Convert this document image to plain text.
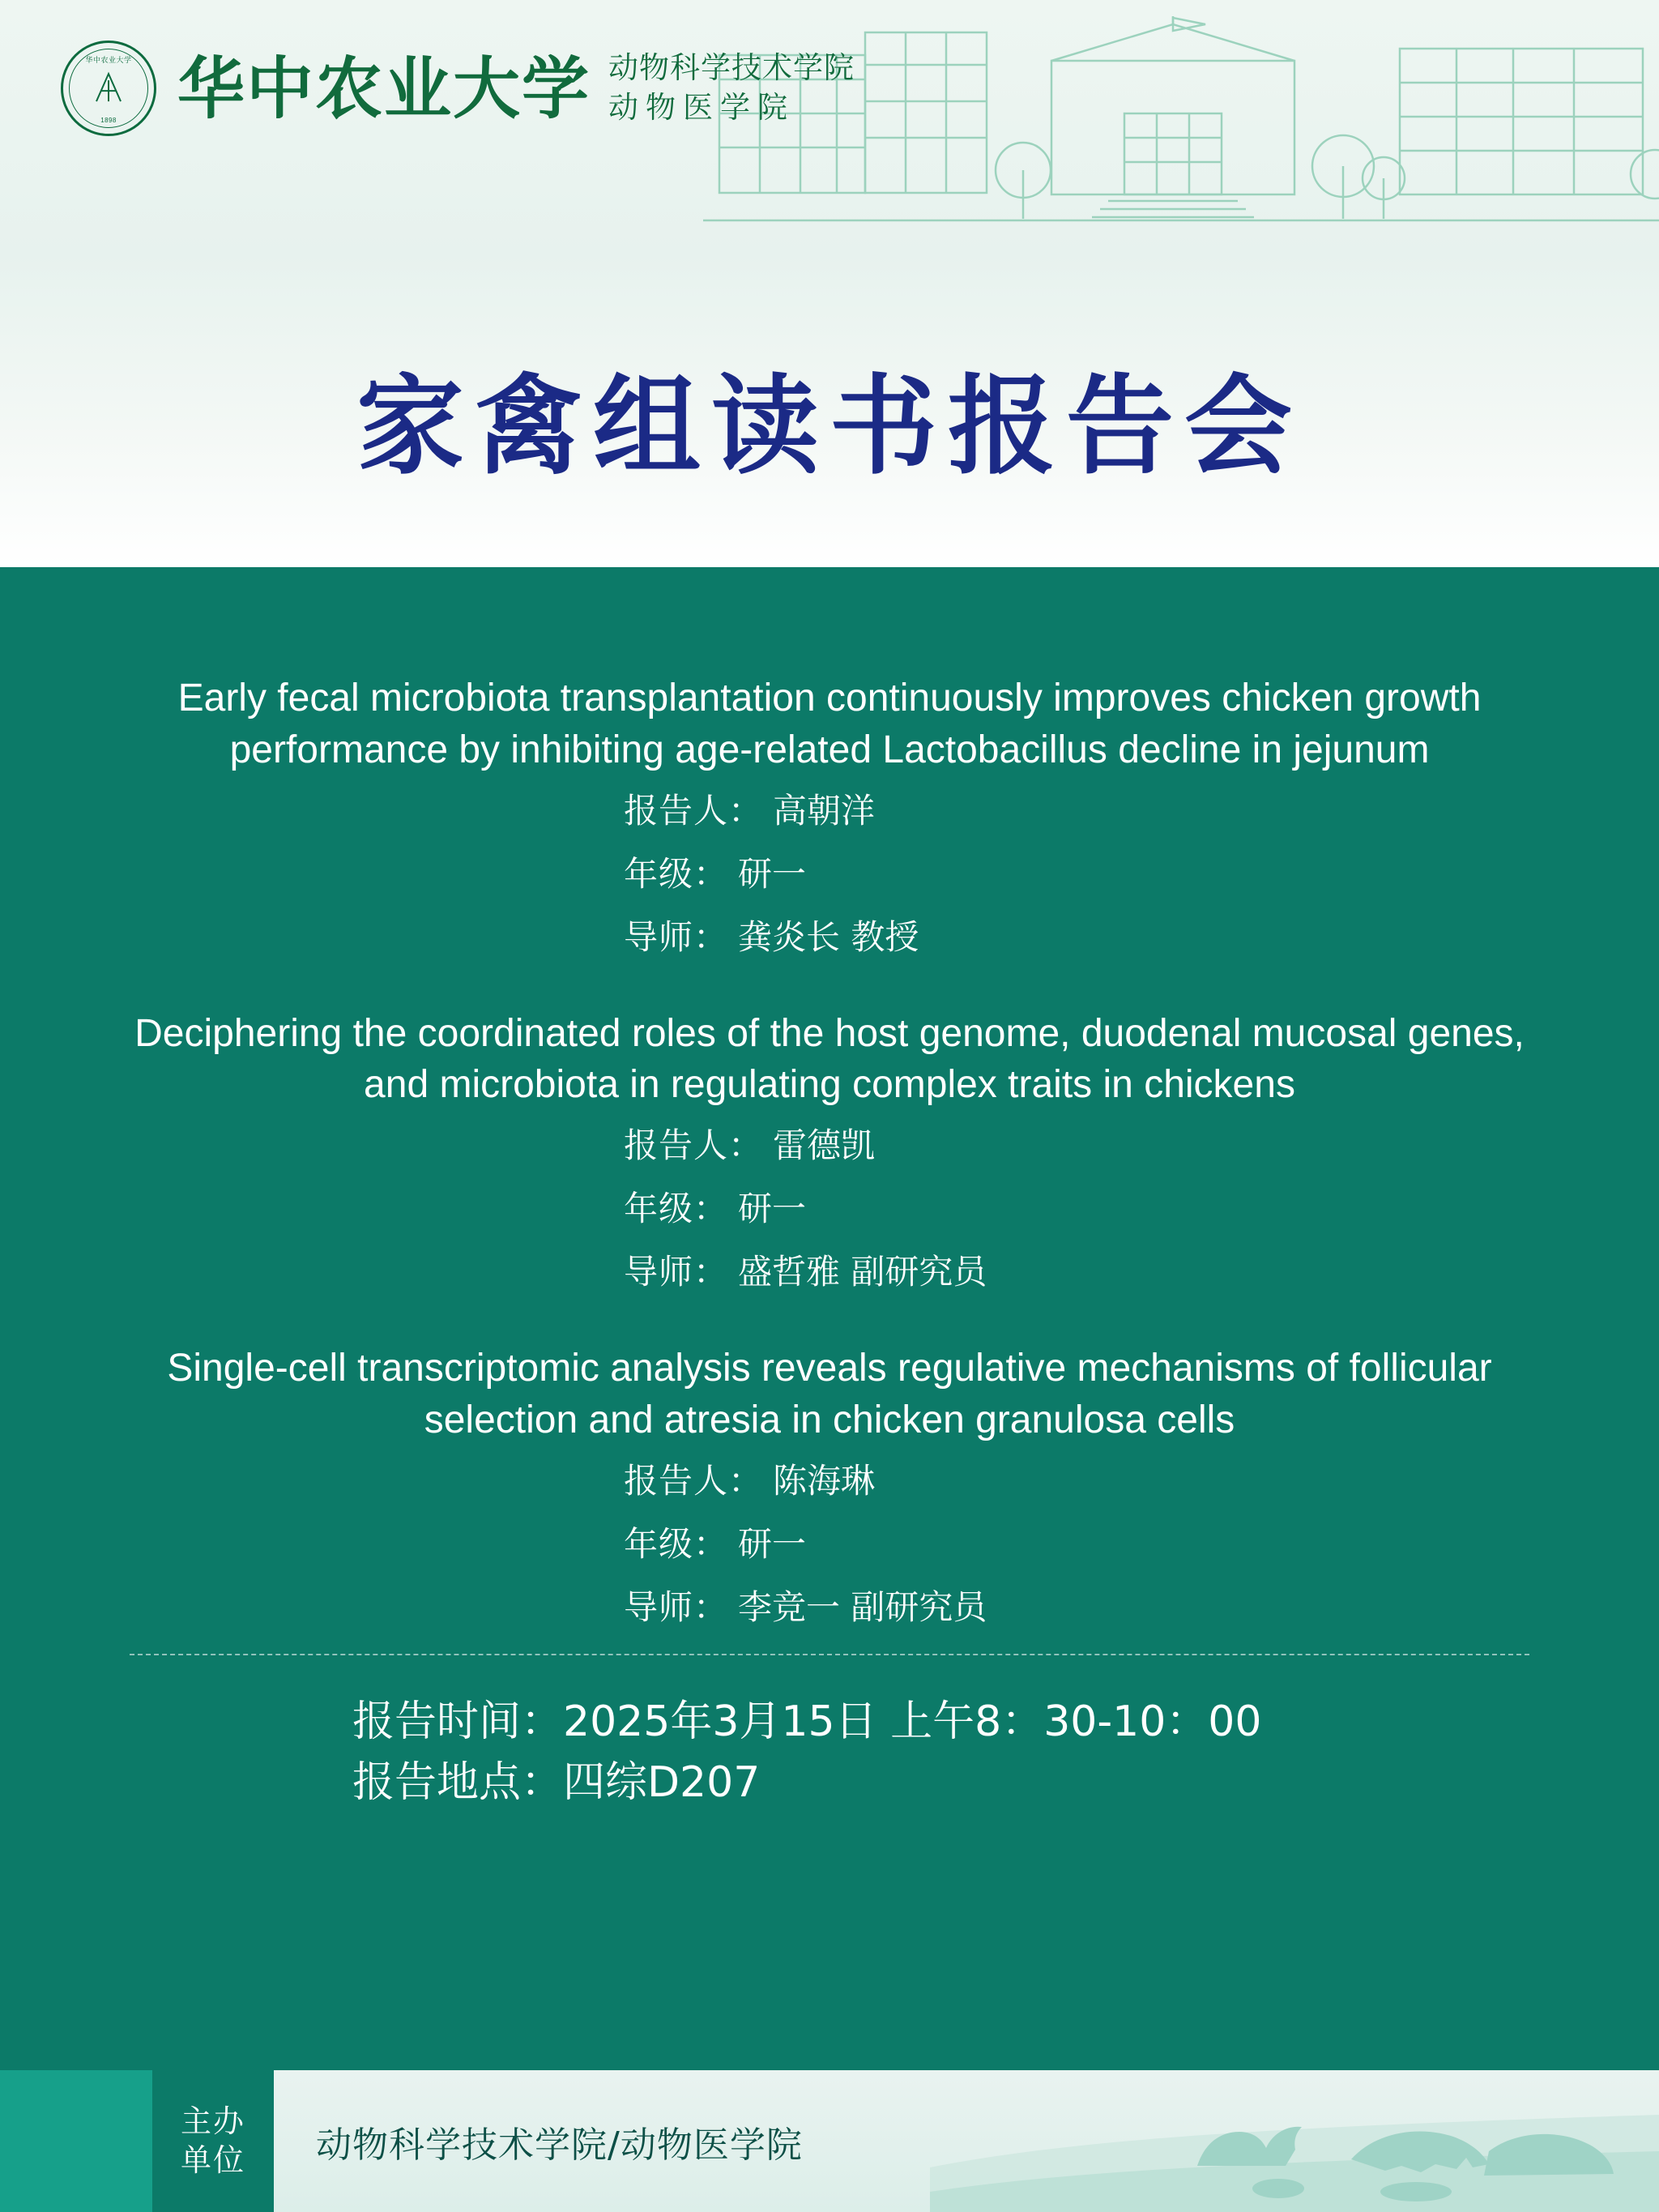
华中农业大学
1898 华中农业大学 动物科学技术学院
动物医学院
家禽组读书报告会
Early fecal microbiota transplantation continuously improves chicken growth performance by inhibiting age-related Lactobacillus decline in jejunum
报告人： 高朝洋
年级： 研一
导师： 龚炎长 教授
Deciphering the coordinated roles of the host genome, duodenal mucosal genes, and microbiota in regulating complex traits in chickens
报告人： 雷德凯
年级： 研一
导师： 盛哲雅 副研究员
Single-cell transcriptomic analysis reveals regulative mechanisms of follicular selection and atresia in chicken granulosa cells
报告人： 陈海琳
年级： 研一
导师： 李竞一 副研究员
报告时间：2025年3月15日 上午8：30-10：00
报告地点：四综D207
主办
单位 动物科学技术学院/动物医学院
